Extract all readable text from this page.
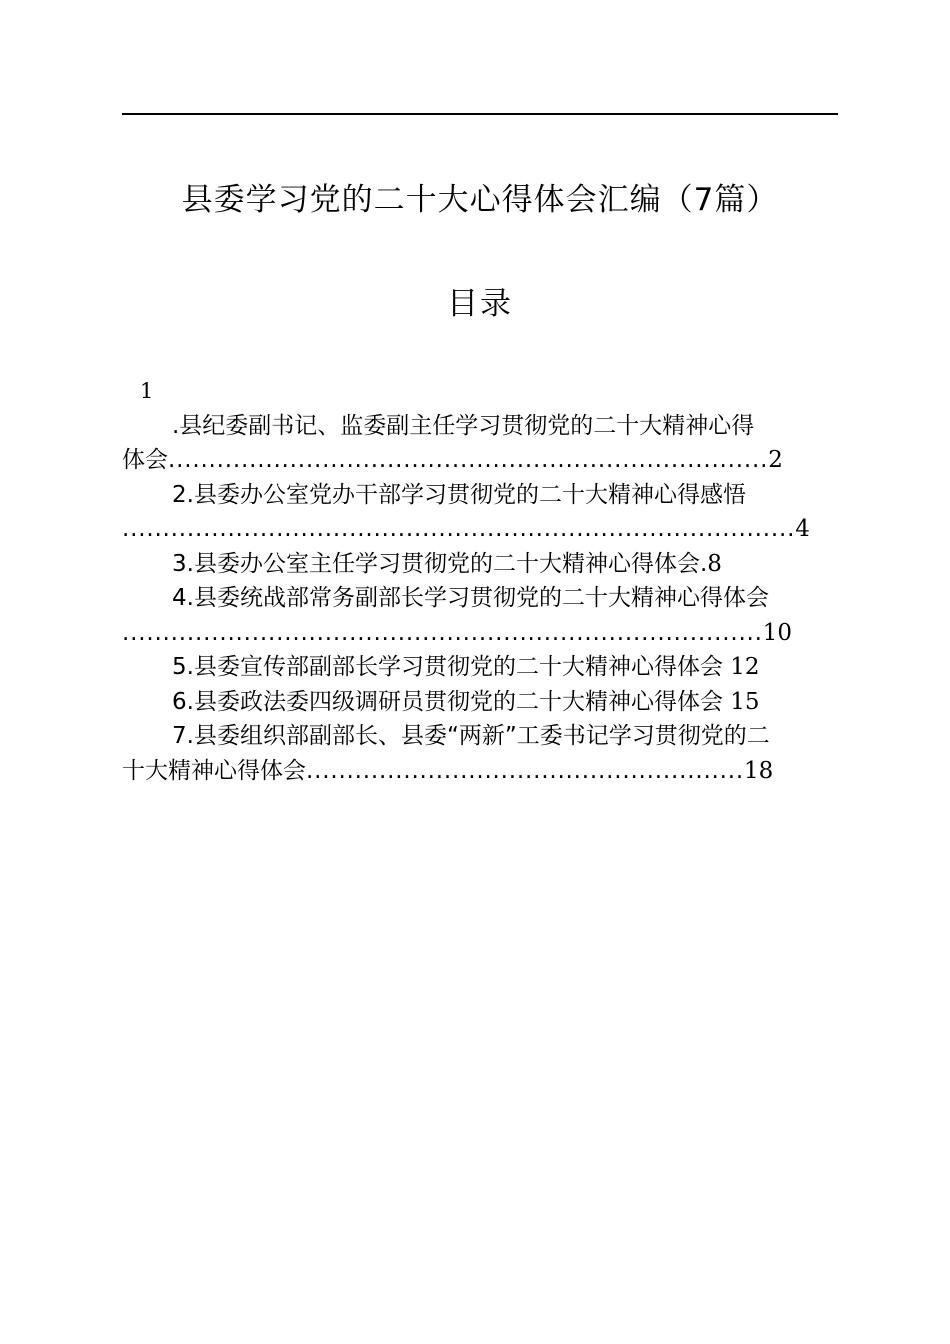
县委学习党的二十大心得体会汇编（7篇）
目录
1
.县纪委副书记、监委副主任学习贯彻党的二十大精神心得
体会..........................................................................2
2.县委办公室党办干部学习贯彻党的二十大精神心得感悟
...................................................................................4
3.县委办公室主任学习贯彻党的二十大精神心得体会.8
4.县委统战部常务副部长学习贯彻党的二十大精神心得体会
...............................................................................10
5.县委宣传部副部长学习贯彻党的二十大精神心得体会 12
6.县委政法委四级调研员贯彻党的二十大精神心得体会 15
7.县委组织部副部长、县委“两新”工委书记学习贯彻党的二
十大精神心得体会......................................................18
